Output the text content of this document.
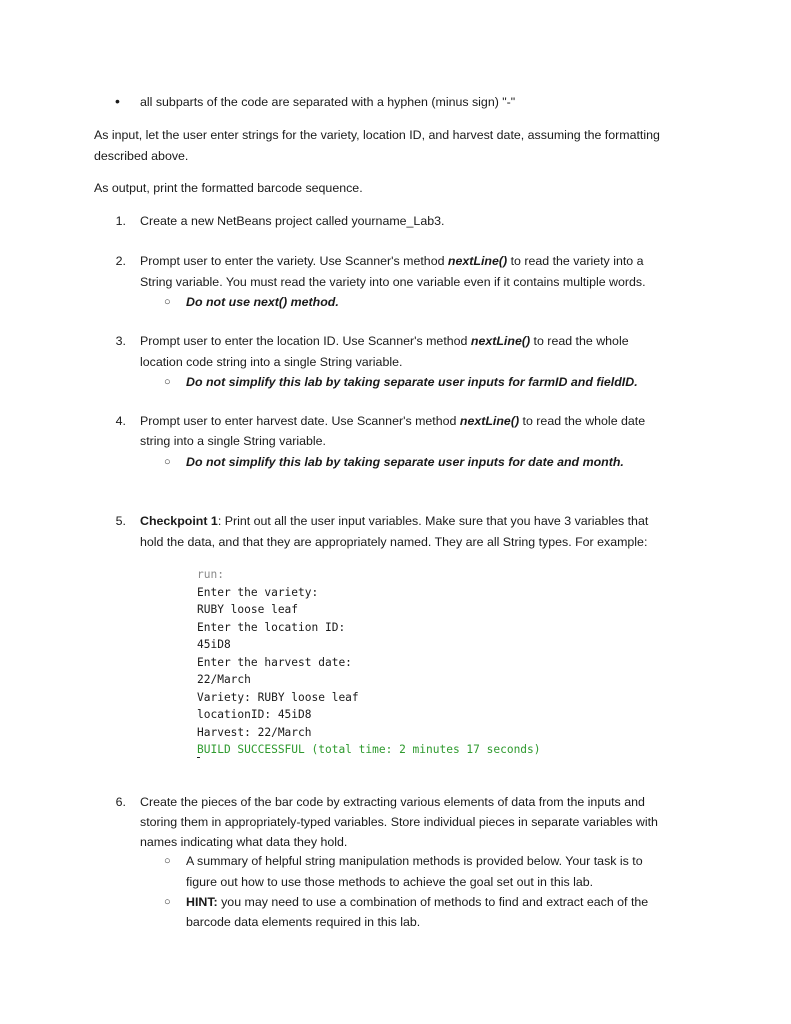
• all subparts of the code are separated with a hyphen (minus sign) "-"
As input, let the user enter strings for the variety, location ID, and harvest date, assuming the formatting
described above.
As output, print the formatted barcode sequence.
1. Create a new NetBeans project called yourname_Lab3.
2. Prompt user to enter the variety. Use Scanner's method nextLine() to read the variety into a
String variable. You must read the variety into one variable even if it contains multiple words.
○ Do not use next() method.
3. Prompt user to enter the location ID. Use Scanner's method nextLine() to read the whole
location code string into a single String variable.
○ Do not simplify this lab by taking separate user inputs for farmID and fieldID.
4. Prompt user to enter harvest date. Use Scanner's method nextLine() to read the whole date
string into a single String variable.
○ Do not simplify this lab by taking separate user inputs for date and month.
5. Checkpoint 1: Print out all the user input variables. Make sure that you have 3 variables that
hold the data, and that they are appropriately named. They are all String types. For example:
run:
Enter the variety:
RUBY loose leaf
Enter the location ID:
45iD8
Enter the harvest date:
22/March
Variety: RUBY loose leaf
locationID: 45iD8
Harvest: 22/March
BUILD SUCCESSFUL (total time: 2 minutes 17 seconds)
6. Create the pieces of the bar code by extracting various elements of data from the inputs and
storing them in appropriately-typed variables. Store individual pieces in separate variables with
names indicating what data they hold.
○ A summary of helpful string manipulation methods is provided below. Your task is to
figure out how to use those methods to achieve the goal set out in this lab.
○ HINT: you may need to use a combination of methods to find and extract each of the
barcode data elements required in this lab.
